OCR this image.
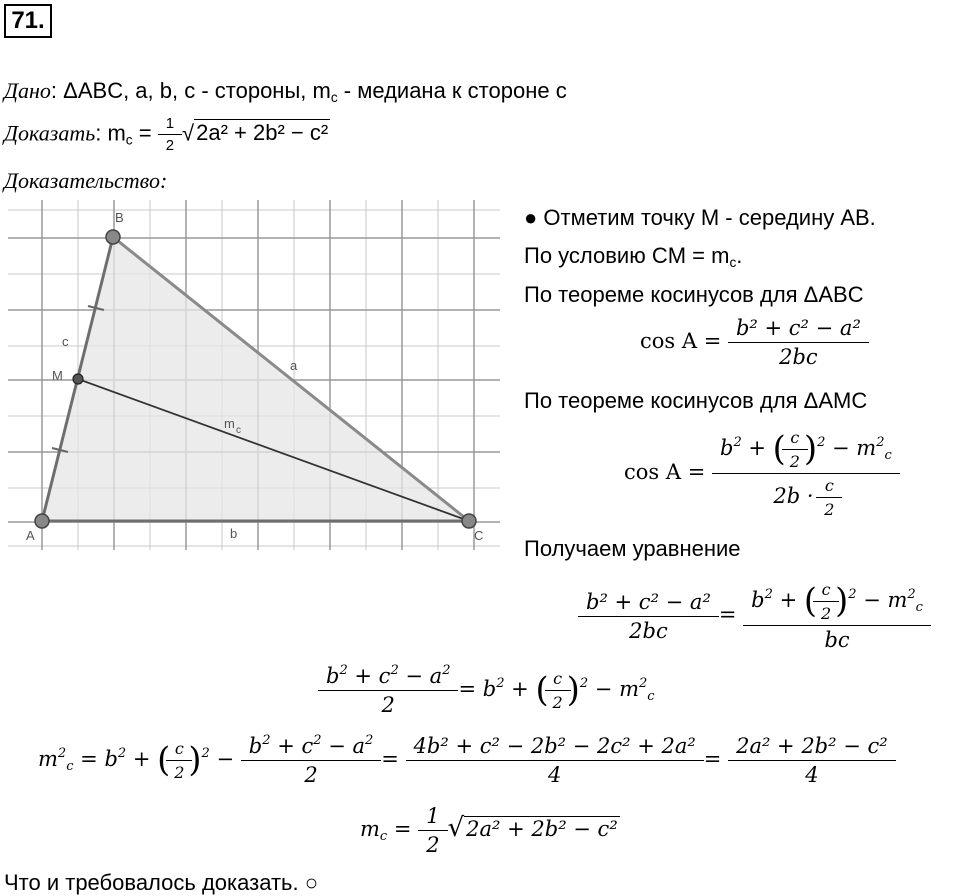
71.
Дано: ΔABC, a, b, c - стороны, $m_c$ - медиана к стороне c
Доказать: $m_c = \frac{1}{2} √2a^2 + 2b^2 - c^2$
Доказательство:
A
B
C
M
a
b
c
m c
● Отметим точку M - середину AB.
По условию CM = $m_c$.
По теореме косинусов для ΔABC
$\cos A = \frac{\text{b² + c² − a²}}{2bc}$
По теореме косинусов для ΔAMC
$\cos A = \frac{b^2 + ( \frac{c}{2} )^2 - m^2_c}{2b \cdot \frac{c}{2}}$
Получаем уравнение
$\frac{\text{b² + c² − a²}}{2bc} = \frac{b^2 + ( \frac{c}{2} )^2 - m^2_c}{bc}$
$\frac{b^2 + c^2 - a^2}{2} = b^2$ + ( $\frac{c}{2} )^2 - m^2_c$
$m^2_c = b^2$ + ( $\frac{c}{2} )^2 - \frac{b^2 + c^2 - a^2}{2} = \frac{\text{4b² + c² − 2b² − 2c² + 2a²}}{4} = \frac{\text{2a² + 2b² − c²}}{4}$
$m_c = \frac{1}{2} √2a^2 + 2b^2 - c^2$
Что и требовалось доказать. ○
